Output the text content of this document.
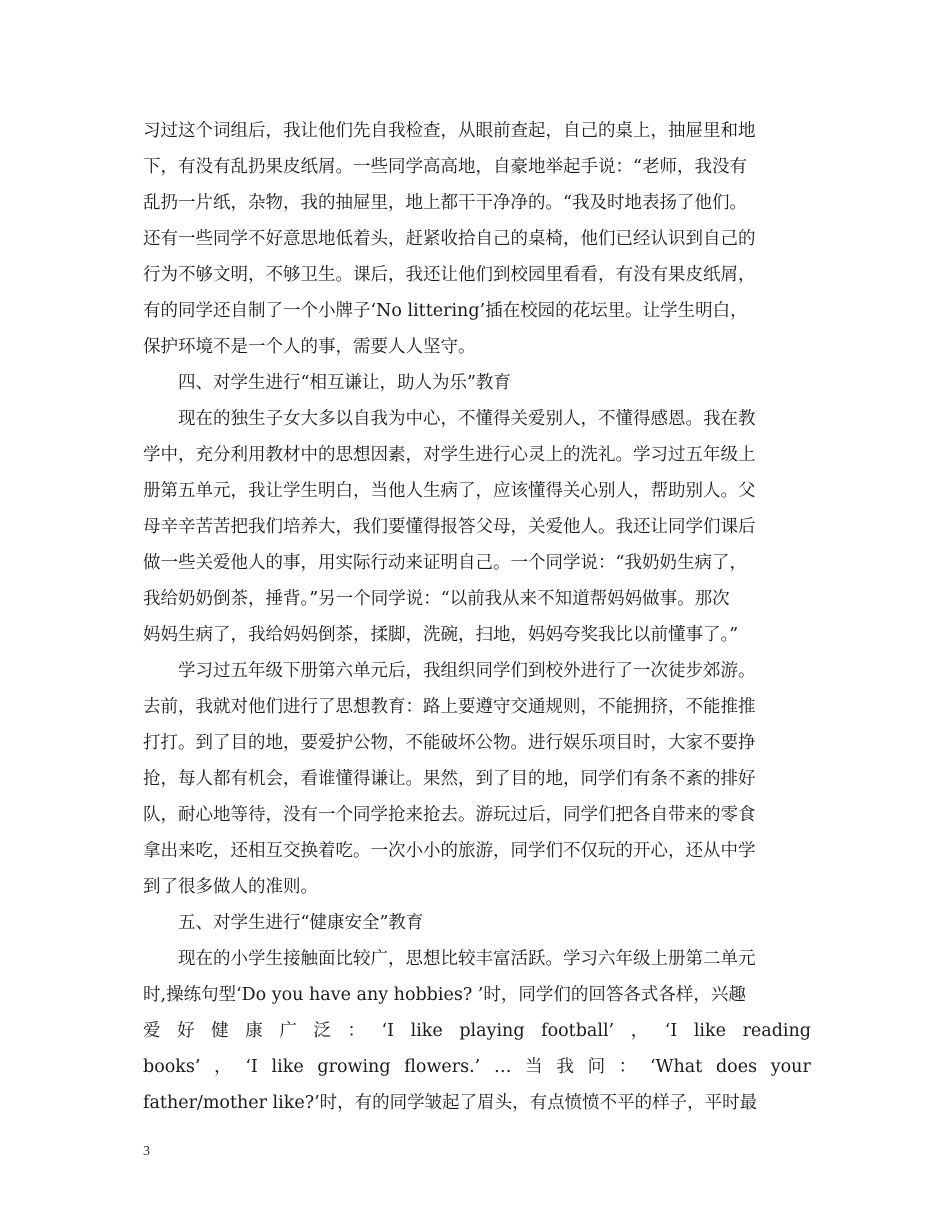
习过这个词组后，我让他们先自我检查，从眼前查起，自己的桌上，抽屉里和地
下，有没有乱扔果皮纸屑。一些同学高高地，自豪地举起手说：“老师，我没有
乱扔一片纸，杂物，我的抽屉里，地上都干干净净的。“我及时地表扬了他们。
还有一些同学不好意思地低着头，赶紧收拾自己的桌椅，他们已经认识到自己的
行为不够文明，不够卫生。课后，我还让他们到校园里看看，有没有果皮纸屑，
有的同学还自制了一个小牌子‘No littering’插在校园的花坛里。让学生明白，
保护环境不是一个人的事，需要人人坚守。
四、对学生进行“相互谦让，助人为乐”教育
现在的独生子女大多以自我为中心，不懂得关爱别人，不懂得感恩。我在教
学中，充分利用教材中的思想因素，对学生进行心灵上的洗礼。学习过五年级上
册第五单元，我让学生明白，当他人生病了，应该懂得关心别人，帮助别人。父
母辛辛苦苦把我们培养大，我们要懂得报答父母，关爱他人。我还让同学们课后
做一些关爱他人的事，用实际行动来证明自己。一个同学说：“我奶奶生病了，
我给奶奶倒茶，捶背。”另一个同学说：“以前我从来不知道帮妈妈做事。那次
妈妈生病了，我给妈妈倒茶，揉脚，洗碗，扫地，妈妈夸奖我比以前懂事了。”
学习过五年级下册第六单元后，我组织同学们到校外进行了一次徒步郊游。
去前，我就对他们进行了思想教育：路上要遵守交通规则，不能拥挤，不能推推
打打。到了目的地，要爱护公物，不能破坏公物。进行娱乐项目时，大家不要挣
抢，每人都有机会，看谁懂得谦让。果然，到了目的地，同学们有条不紊的排好
队，耐心地等待，没有一个同学抢来抢去。游玩过后，同学们把各自带来的零食
拿出来吃，还相互交换着吃。一次小小的旅游，同学们不仅玩的开心，还从中学
到了很多做人的准则。
五、对学生进行“健康安全”教育
现在的小学生接触面比较广，思想比较丰富活跃。学习六年级上册第二单元
时,操练句型‘Do you have any hobbies? ’时，同学们的回答各式各样，兴趣
爱 好 健 康 广 泛 ： ‘I like playing football’ ， ‘I like reading
books’ ， ‘I like growing flowers.’ … 当 我 问 ： ‘What does your
father/mother like?’时，有的同学皱起了眉头，有点愤愤不平的样子，平时最
3
